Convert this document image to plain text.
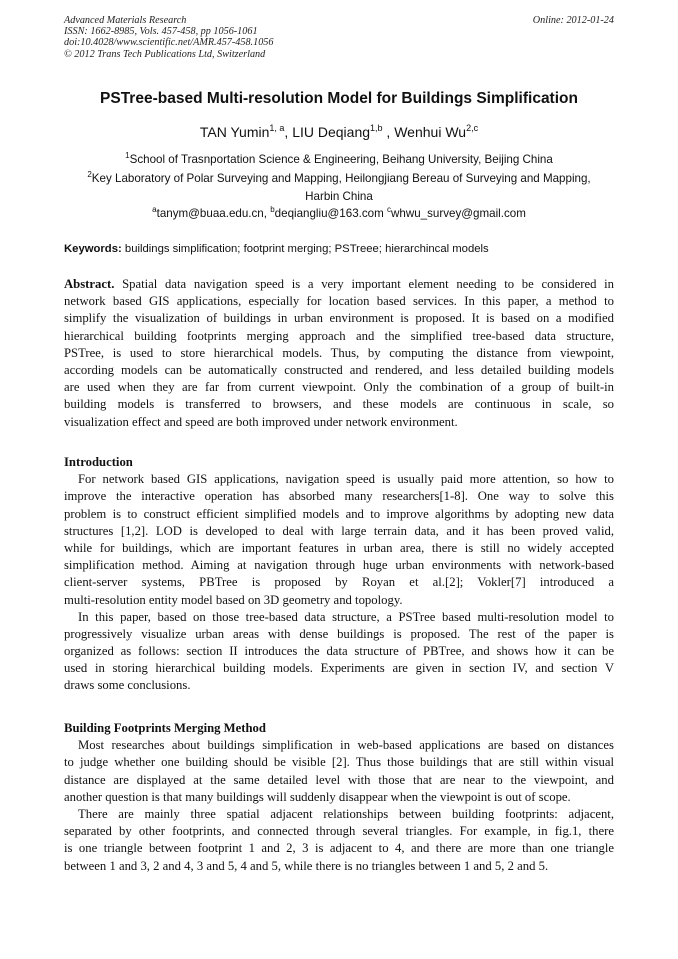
Advanced Materials Research
ISSN: 1662-8985, Vols. 457-458, pp 1056-1061
doi:10.4028/www.scientific.net/AMR.457-458.1056
© 2012 Trans Tech Publications Ltd, Switzerland
Online: 2012-01-24
PSTree-based Multi-resolution Model for Buildings Simplification
TAN Yumin$^{1, a}$, LIU Deqiang$^{1,b}$ , Wenhui Wu$^{2,c}$
$^1$School of Trasnportation Science & Engineering, Beihang University, Beijing China
$^2$Key Laboratory of Polar Surveying and Mapping, Heilongjiang Bereau of Surveying and Mapping,
Harbin China
$^a$tanym@buaa.edu.cn, $^b$deqiangliu@163.com $^c$whwu_survey@gmail.com
Keywords: buildings simplification; footprint merging; PSTreee; hierarchincal models
Abstract. Spatial data navigation speed is a very important element needing to be considered in
network based GIS applications, especially for location based services. In this paper, a method to
simplify the visualization of buildings in urban environment is proposed. It is based on a modified
hierarchical building footprints merging approach and the simplified tree-based data structure,
PSTree, is used to store hierarchical models. Thus, by computing the distance from viewpoint,
according models can be automatically constructed and rendered, and less detailed building models
are used when they are far from current viewpoint. Only the combination of a group of built-in
building models is transferred to browsers, and these models are continuous in scale, so
visualization effect and speed are both improved under network environment.
Introduction
For network based GIS applications, navigation speed is usually paid more attention, so how to
improve the interactive operation has absorbed many researchers[1-8]. One way to solve this
problem is to construct efficient simplified models and to improve algorithms by adopting new data
structures [1,2]. LOD is developed to deal with large terrain data, and it has been proved valid,
while for buildings, which are important features in urban area, there is still no widely accepted
simplification method. Aiming at navigation through huge urban environments with network-based
client-server systems, PBTree is proposed by Royan et al.[2]; Vokler[7] introduced a
multi-resolution entity model based on 3D geometry and topology.
In this paper, based on those tree-based data structure, a PSTree based multi-resolution model to
progressively visualize urban areas with dense buildings is proposed. The rest of the paper is
organized as follows: section II introduces the data structure of PBTree, and shows how it can be
used in storing hierarchical building models. Experiments are given in section IV, and section V
draws some conclusions.
Building Footprints Merging Method
Most researches about buildings simplification in web-based applications are based on distances
to judge whether one building should be visible [2]. Thus those buildings that are still within visual
distance are displayed at the same detailed level with those that are near to the viewpoint, and
another question is that many buildings will suddenly disappear when the viewpoint is out of scope.
There are mainly three spatial adjacent relationships between building footprints: adjacent,
separated by other footprints, and connected through several triangles. For example, in fig.1, there
is one triangle between footprint 1 and 2, 3 is adjacent to 4, and there are more than one triangle
between 1 and 3, 2 and 4, 3 and 5, 4 and 5, while there is no triangles between 1 and 5, 2 and 5.
